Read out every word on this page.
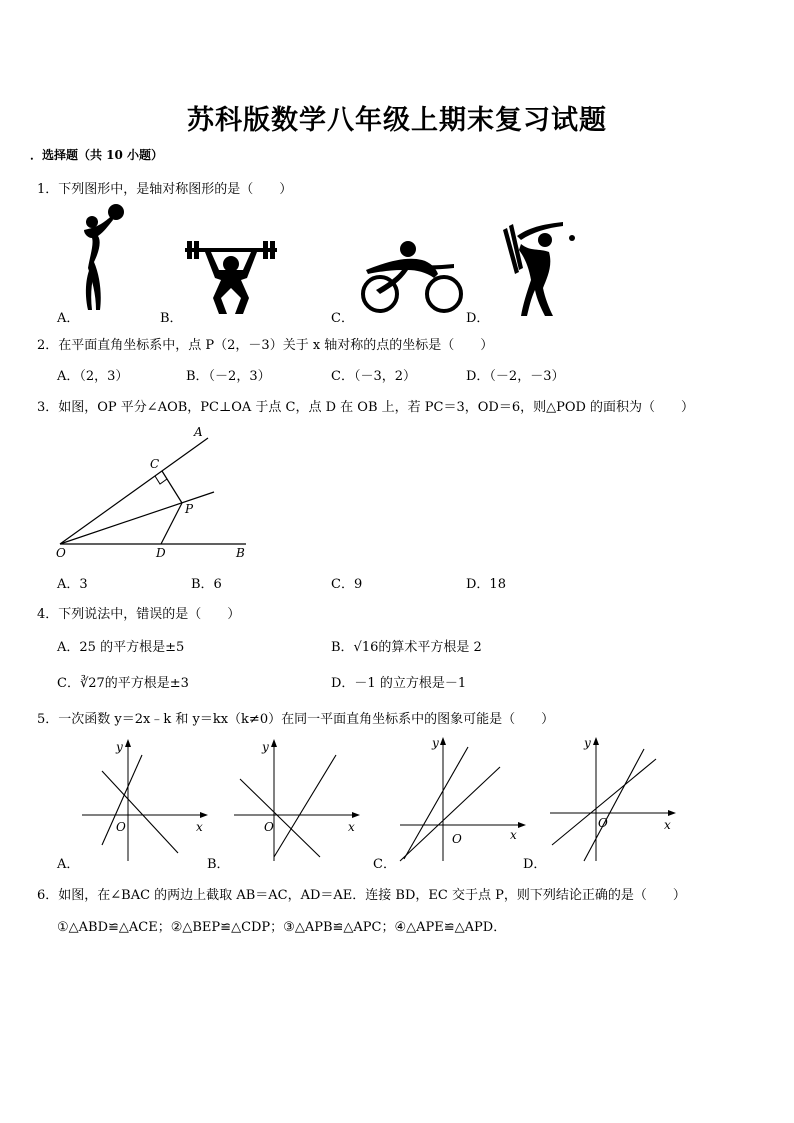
苏科版数学八年级上期末复习试题
．选择题（共 10 小题）
1．下列图形中，是轴对称图形的是（　　）
A．	B．	C．	D．
2．在平面直角坐标系中，点 P（2，－3）关于 x 轴对称的点的坐标是（　　）
A．（2，3）	B．（－2，3）	C．（－3，2）	D．（－2，－3）
3．如图，OP 平分∠AOB，PC⊥OA 于点 C，点 D 在 OB 上，若 PC＝3，OD＝6，则△POD 的面积为（　　）
A
C
P
O	D	B
A．3	B．6	C．9	D．18
4．下列说法中，错误的是（　　）
A．25 的平方根是±5	B．√16的算术平方根是 2
C．∛27的平方根是±3	D．－1 的立方根是－1
5．一次函数 y＝2x﹣k 和 y＝kx（k≠0）在同一平面直角坐标系中的图象可能是（　　）
y
x
O
y
x
O
y
x
O
y
x
O
A．	B．	C．	D．
6．如图，在∠BAC 的两边上截取 AB＝AC，AD＝AE．连接 BD，EC 交于点 P，则下列结论正确的是（　　）
①△ABD≌△ACE；②△BEP≌△CDP；③△APB≌△APC；④△APE≌△APD．
